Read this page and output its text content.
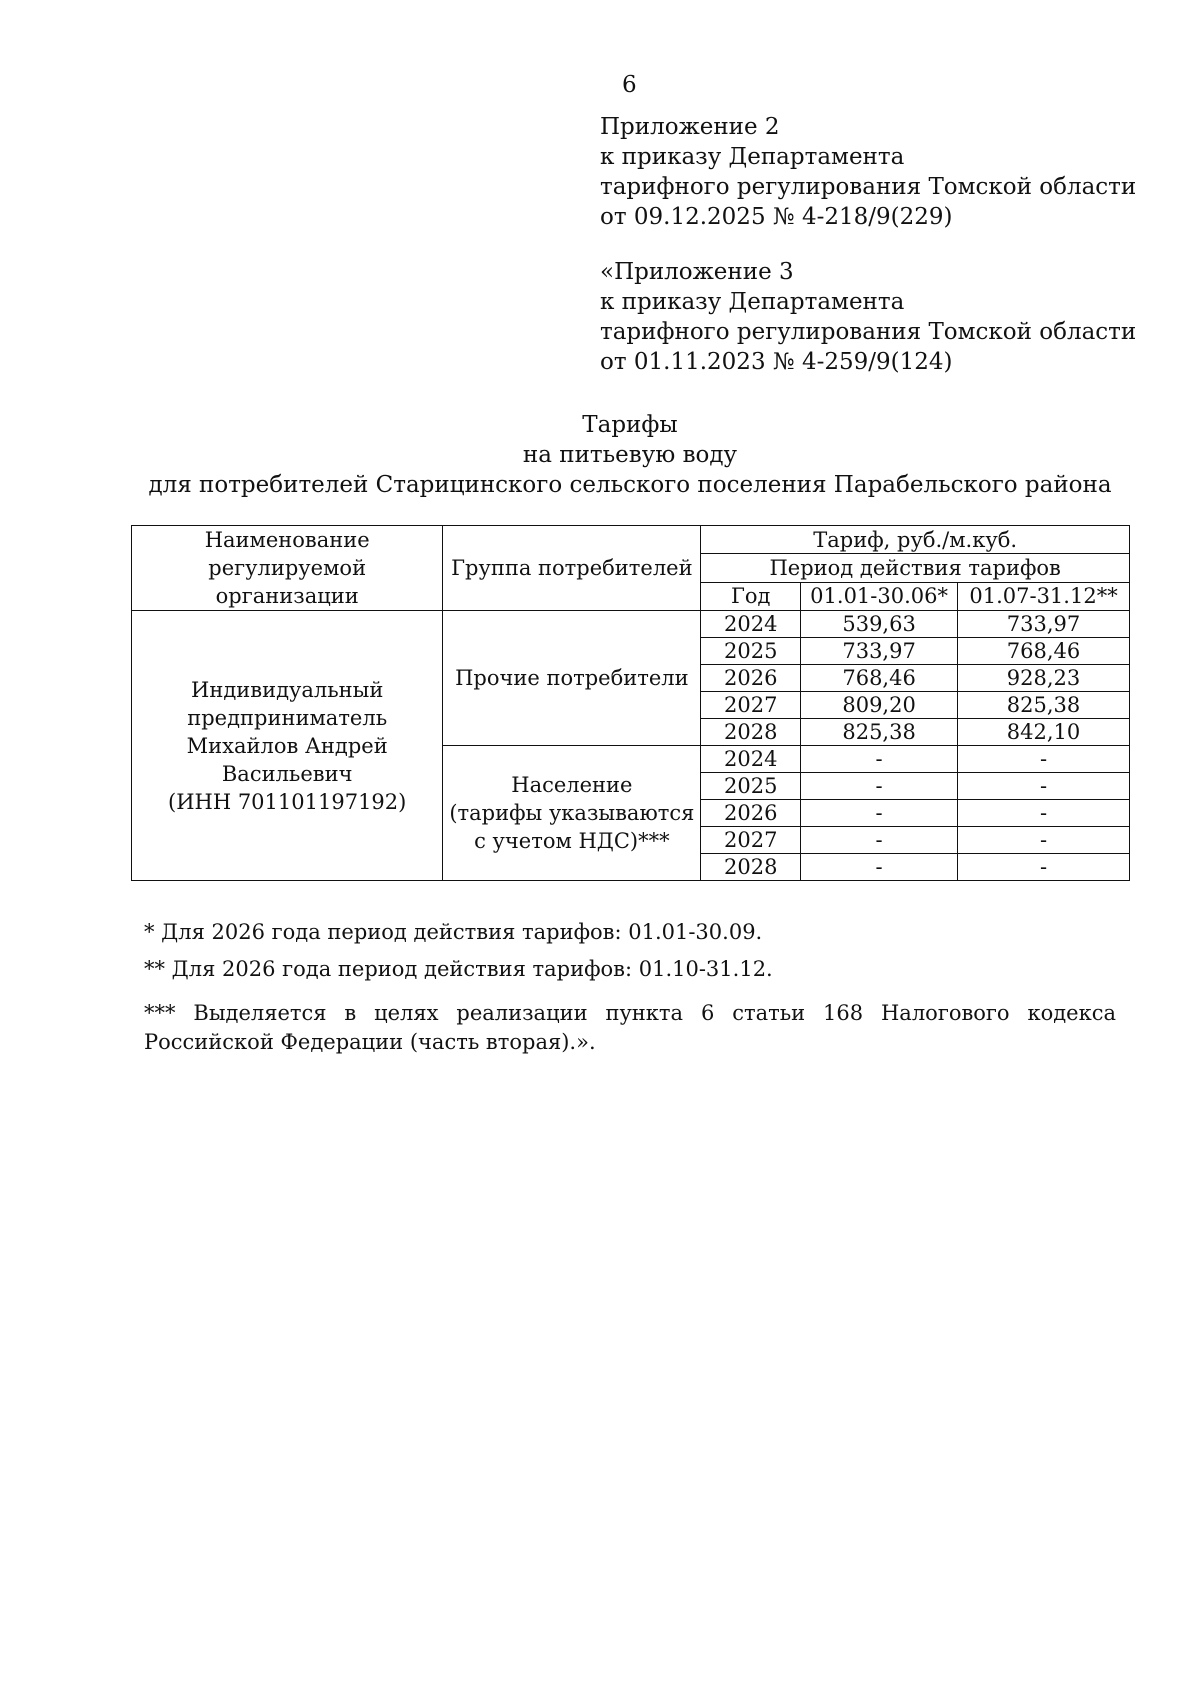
6
Приложение 2
к приказу Департамента
тарифного регулирования Томской области
от 09.12.2025 № 4-218/9(229)
«Приложение 3
к приказу Департамента
тарифного регулирования Томской области
от 01.11.2023 № 4-259/9(124)
Тарифы
на питьевую воду
для потребителей Старицинского сельского поселения Парабельского района
Наименование регулируемой организации	Группа потребителей	Тариф, руб./м.куб.		
		Период действия тарифов		
		Год	01.01-30.06*	01.07-31.12**

Индивидуальный
предприниматель
Михайлов Андрей
Васильевич
(ИНН 701101197192)	Прочие потребители	2024	539,63	733,97
		2025	733,97	768,46
		2026	768,46	928,23
		2027	809,20	825,38
		2028	825,38	842,10

	Население
(тарифы указываются
с учетом НДС)***	2024	-	-
		2025	-	-
		2026	-	-
		2027	-	-
		2028	-	-
* Для 2026 года период действия тарифов: 01.01-30.09.
** Для 2026 года период действия тарифов: 01.10-31.12.
*** Выделяется в целях реализации пункта 6 статьи 168 Налогового кодекса Российской Федерации (часть вторая).».
